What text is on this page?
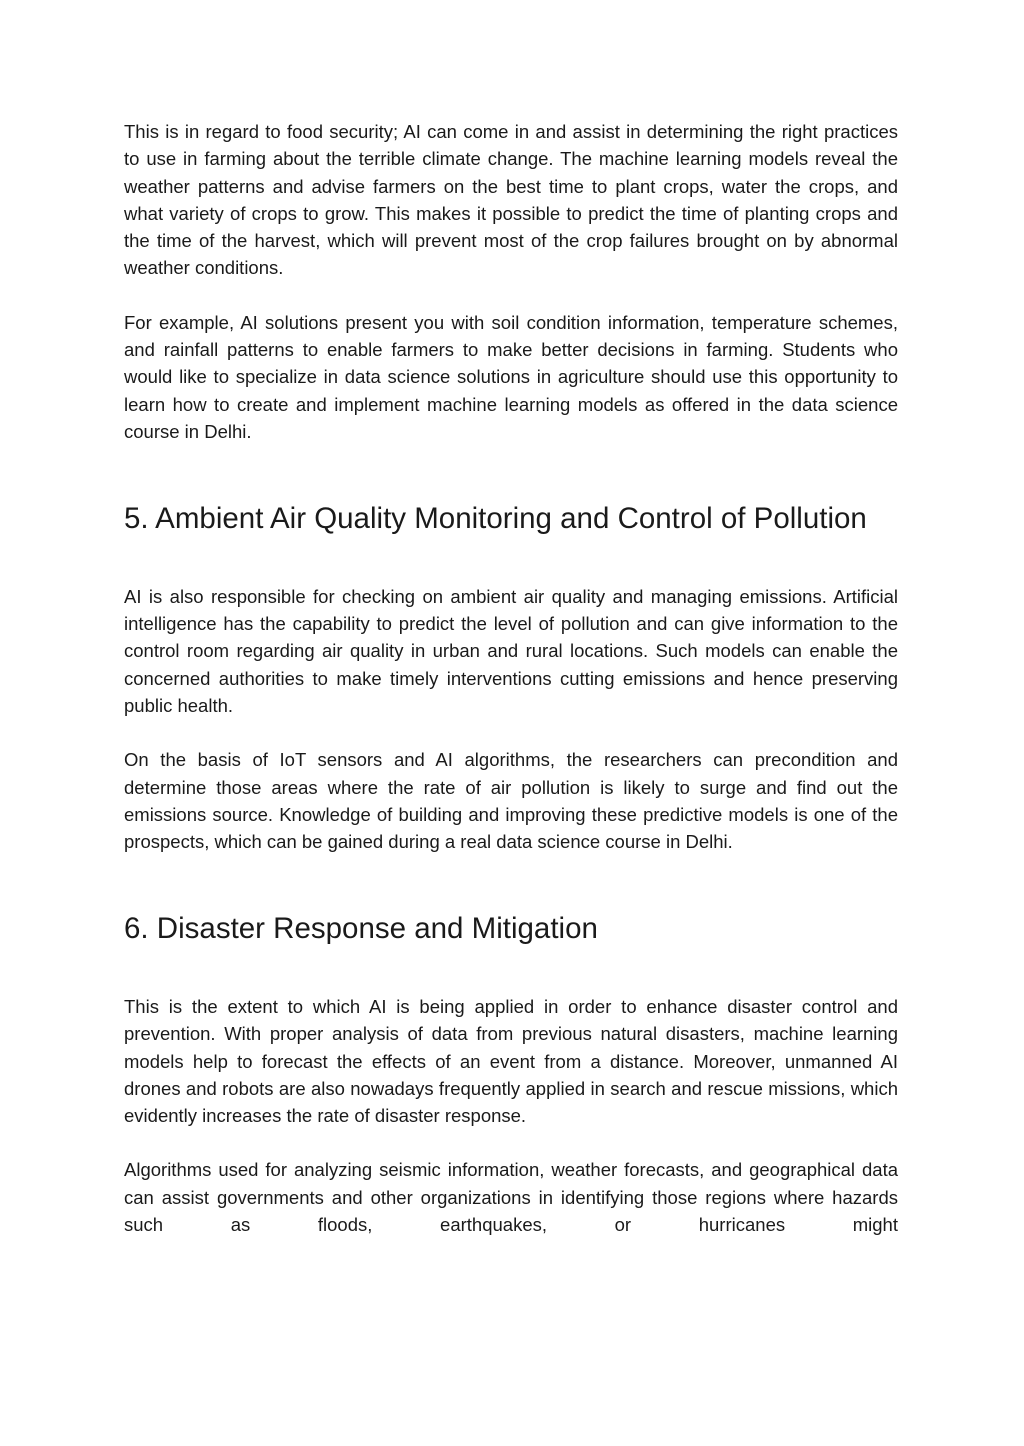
This is in regard to food security; AI can come in and assist in determining the right practices to use in farming about the terrible climate change. The machine learning models reveal the weather patterns and advise farmers on the best time to plant crops, water the crops, and what variety of crops to grow. This makes it possible to predict the time of planting crops and the time of the harvest, which will prevent most of the crop failures brought on by abnormal weather conditions.

For example, AI solutions present you with soil condition information, temperature schemes, and rainfall patterns to enable farmers to make better decisions in farming. Students who would like to specialize in data science solutions in agriculture should use this opportunity to learn how to create and implement machine learning models as offered in the data science course in Delhi.

5. Ambient Air Quality Monitoring and Control of Pollution

AI is also responsible for checking on ambient air quality and managing emissions. Artificial intelligence has the capability to predict the level of pollution and can give information to the control room regarding air quality in urban and rural locations. Such models can enable the concerned authorities to make timely interventions cutting emissions and hence preserving public health.

On the basis of IoT sensors and AI algorithms, the researchers can precondition and determine those areas where the rate of air pollution is likely to surge and find out the emissions source. Knowledge of building and improving these predictive models is one of the prospects, which can be gained during a real data science course in Delhi.

6. Disaster Response and Mitigation

This is the extent to which AI is being applied in order to enhance disaster control and prevention. With proper analysis of data from previous natural disasters, machine learning models help to forecast the effects of an event from a distance. Moreover, unmanned AI drones and robots are also nowadays frequently applied in search and rescue missions, which evidently increases the rate of disaster response.

Algorithms used for analyzing seismic information, weather forecasts, and geographical data can assist governments and other organizations in identifying those regions where hazards such as floods, earthquakes, or hurricanes might
